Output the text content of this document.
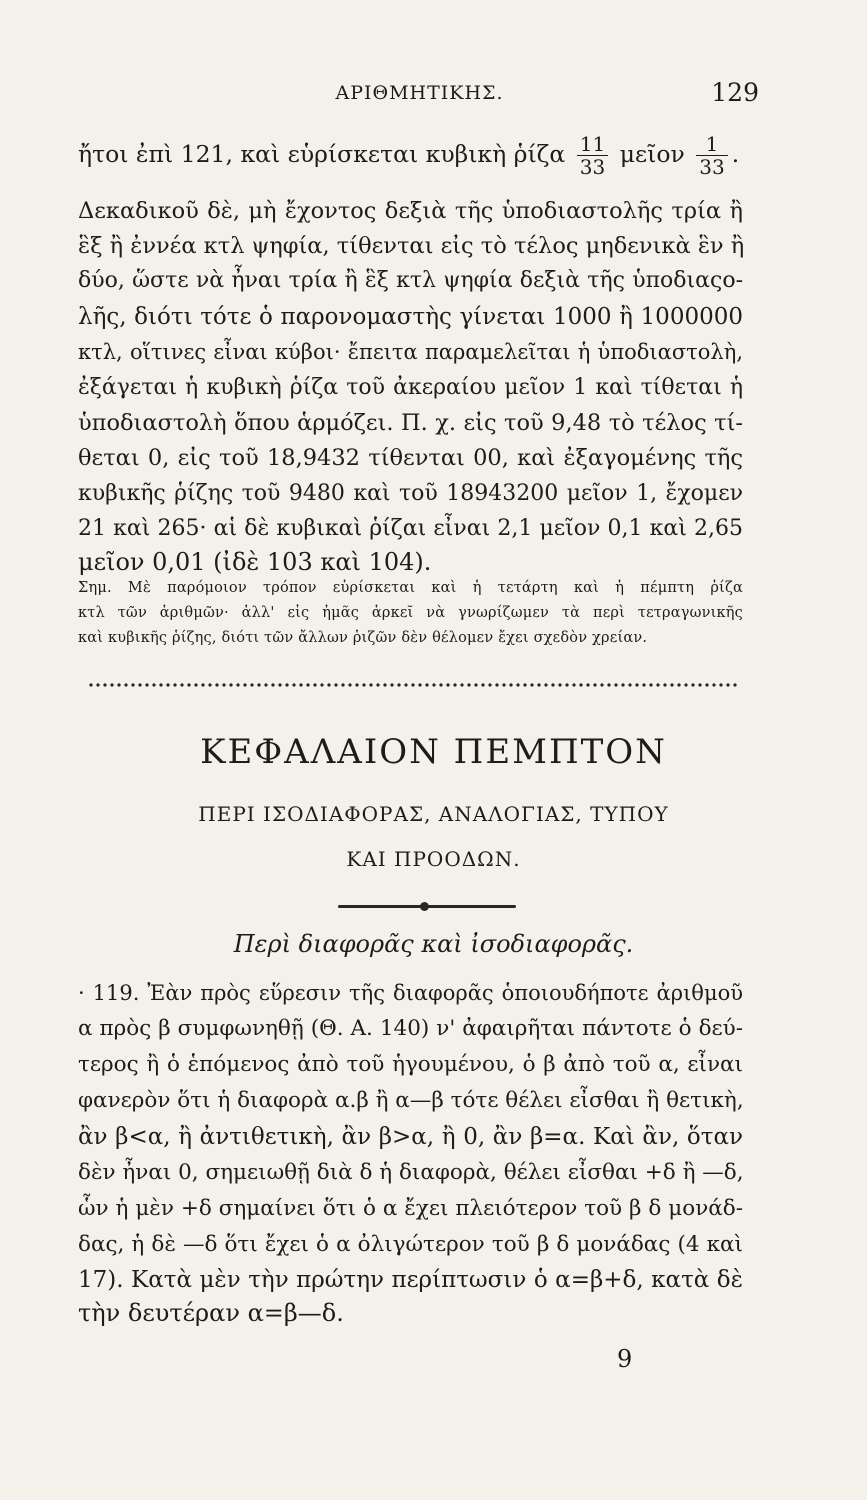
ΑΡΙΘΜΗΤΙΚΗΣ.	129
ἤτοι ἐπὶ 121, καὶ εὑρίσκεται κυβικὴ ῥίζα $\frac{11}{33}$ μεῖον $\frac{1}{33}$ .
Δεκαδικοῦ δὲ, μὴ ἔχοντος δεξιὰ τῆς ὑποδιαστολῆς τρία ἢ
ἓξ ἢ ἐννέα κτλ ψηφία, τίθενται εἰς τὸ τέλος μηδενικὰ ἓν ἢ
δύο, ὥστε νὰ ἦναι τρία ἢ ἓξ κτλ ψηφία δεξιὰ τῆς ὑποδιαςο-
λῆς, διότι τότε ὁ παρονομαστὴς γίνεται 1000 ἢ 1000000
κτλ, οἵτινες εἶναι κύβοι· ἔπειτα παραμελεῖται ἡ ὑποδιαστολὴ,
ἐξάγεται ἡ κυβικὴ ῥίζα τοῦ ἀκεραίου μεῖον 1 καὶ τίθεται ἡ
ὑποδιαστολὴ ὅπου ἁρμόζει. Π. χ. εἰς τοῦ 9,48 τὸ τέλος τί-
θεται 0, εἰς τοῦ 18,9432 τίθενται 00, καὶ ἐξαγομένης τῆς
κυβικῆς ῥίζης τοῦ 9480 καὶ τοῦ 18943200 μεῖον 1, ἔχομεν
21 καὶ 265· αἱ δὲ κυβικαὶ ῥίζαι εἶναι 2,1 μεῖον 0,1 καὶ 2,65
μεῖον 0,01 (ἰδὲ 103 καὶ 104).
Σημ. Μὲ παρόμοιον τρόπον εὑρίσκεται καὶ ἡ τετάρτη καὶ ἡ πέμπτη ῥίζα
κτλ τῶν ἀριθμῶν· ἀλλ' εἰς ἡμᾶς ἀρκεῖ νὰ γνωρίζωμεν τὰ περὶ τετραγωνικῆς
καὶ κυβικῆς ῥίζης, διότι τῶν ἄλλων ῥιζῶν δὲν θέλομεν ἔχει σχεδὸν χρείαν.
ΚΕΦΑΛΑΙΟΝ ΠΕΜΠΤΟΝ
ΠΕΡΙ ΙΣΟΔΙΑΦΟΡΑΣ, ΑΝΑΛΟΓΙΑΣ, ΤΥΠΟΥ
ΚΑΙ ΠΡΟΟΔΩΝ.
Περὶ διαφορᾶς καὶ ἰσοδιαφορᾶς.
· 119. Ἐὰν πρὸς εὕρεσιν τῆς διαφορᾶς ὁποιουδήποτε ἀριθμοῦ
α πρὸς β συμφωνηθῇ (Θ. Α. 140) ν' ἀφαιρῆται πάντοτε ὁ δεύ-
τερος ἢ ὁ ἑπόμενος ἀπὸ τοῦ ἡγουμένου, ὁ β ἀπὸ τοῦ α, εἶναι
φανερὸν ὅτι ἡ διαφορὰ α.β ἢ α—β τότε θέλει εἶσθαι ἢ θετικὴ,
ἂν β<α, ἢ ἀντιθετικὴ, ἂν β>α, ἢ 0, ἂν β=α. Καὶ ἂν, ὅταν
δὲν ἦναι 0, σημειωθῇ διὰ δ ἡ διαφορὰ, θέλει εἶσθαι +δ ἢ —δ,
ὧν ἡ μὲν +δ σημαίνει ὅτι ὁ α ἔχει πλειότερον τοῦ β δ μονάδ-
δας, ἡ δὲ —δ ὅτι ἔχει ὁ α ὀλιγώτερον τοῦ β δ μονάδας (4 καὶ
17). Κατὰ μὲν τὴν πρώτην περίπτωσιν ὁ α=β+δ, κατὰ δὲ
τὴν δευτέραν α=β—δ.
9
